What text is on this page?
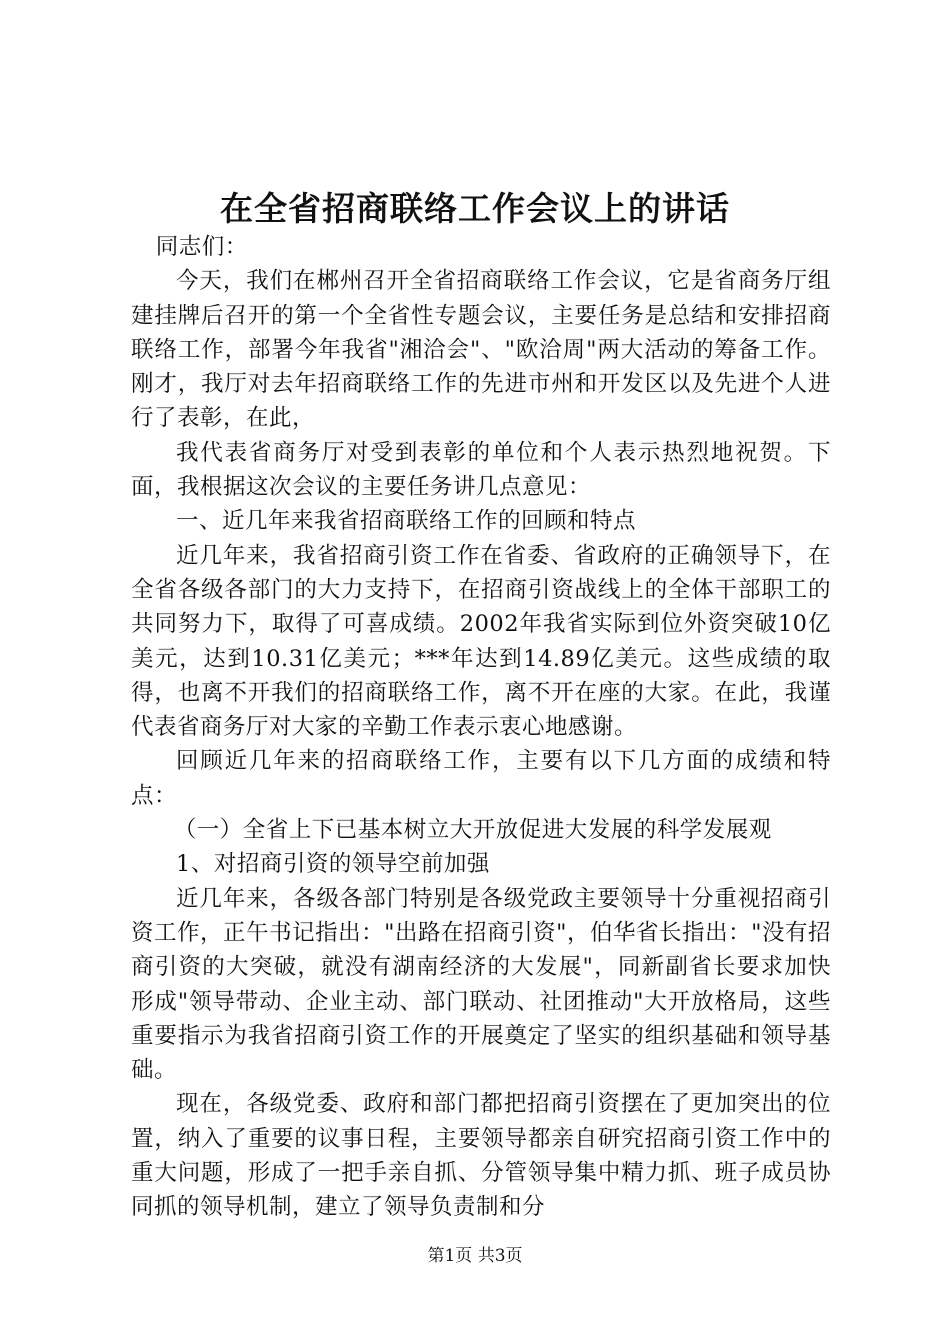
在全省招商联络工作会议上的讲话

同志们：

今天，我们在郴州召开全省招商联络工作会议，它是省商务厅组建挂牌后召开的第一个全省性专题会议，主要任务是总结和安排招商联络工作，部署今年我省"湘洽会"、"欧洽周"两大活动的筹备工作。刚才，我厅对去年招商联络工作的先进市州和开发区以及先进个人进行了表彰，在此，

我代表省商务厅对受到表彰的单位和个人表示热烈地祝贺。下面，我根据这次会议的主要任务讲几点意见：

一、近几年来我省招商联络工作的回顾和特点

近几年来，我省招商引资工作在省委、省政府的正确领导下，在全省各级各部门的大力支持下，在招商引资战线上的全体干部职工的共同努力下，取得了可喜成绩。2002年我省实际到位外资突破10亿美元，达到10.31亿美元；***年达到14.89亿美元。这些成绩的取得，也离不开我们的招商联络工作，离不开在座的大家。在此，我谨代表省商务厅对大家的辛勤工作表示衷心地感谢。

回顾近几年来的招商联络工作，主要有以下几方面的成绩和特点：

（一）全省上下已基本树立大开放促进大发展的科学发展观

1、对招商引资的领导空前加强

近几年来，各级各部门特别是各级党政主要领导十分重视招商引资工作，正午书记指出："出路在招商引资"，伯华省长指出："没有招商引资的大突破，就没有湖南经济的大发展"，同新副省长要求加快形成"领导带动、企业主动、部门联动、社团推动"大开放格局，这些重要指示为我省招商引资工作的开展奠定了坚实的组织基础和领导基础。

现在，各级党委、政府和部门都把招商引资摆在了更加突出的位置，纳入了重要的议事日程，主要领导都亲自研究招商引资工作中的重大问题，形成了一把手亲自抓、分管领导集中精力抓、班子成员协同抓的领导机制，建立了领导负责制和分

第1页 共3页
